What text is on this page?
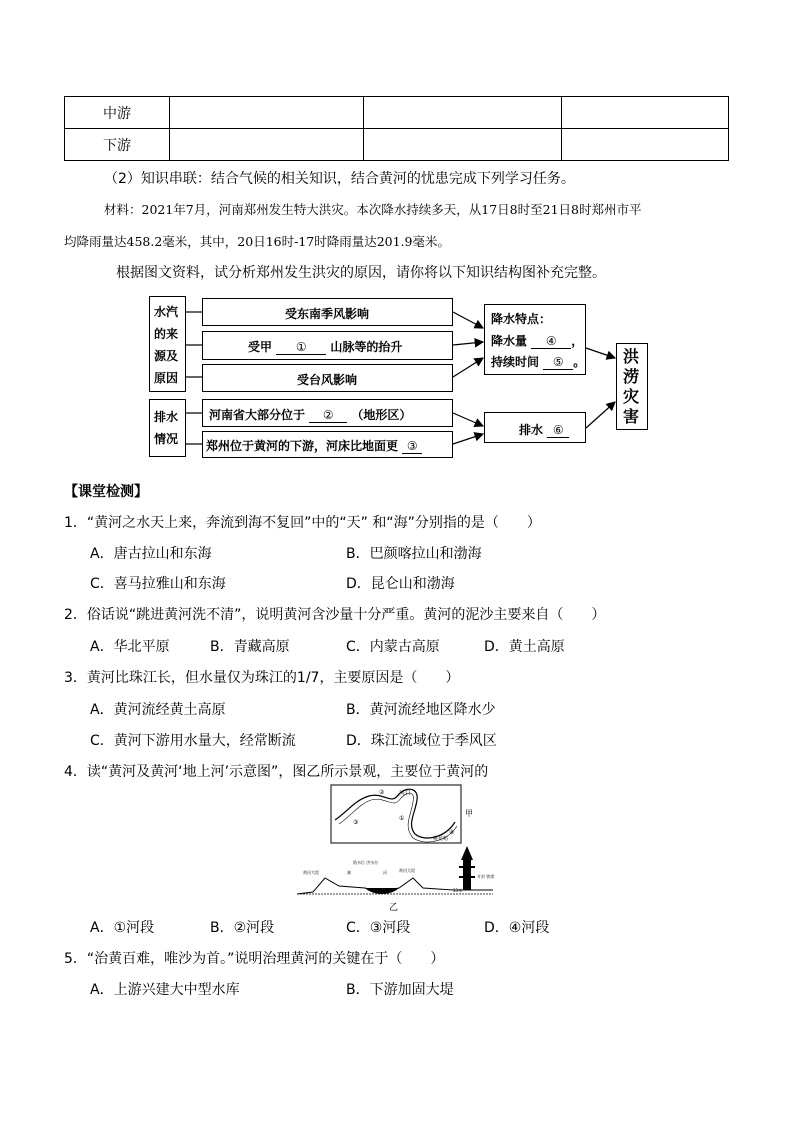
中游			
下游			
（2）知识串联：结合气候的相关知识，结合黄河的忧患完成下列学习任务。
材料：2021年7月，河南郑州发生特大洪灾。本次降水持续多天，从17日8时至21日8时郑州市平
均降雨量达458.2毫米，其中，20日16时-17时降雨量达201.9毫米。
根据图文资料，试分析郑州发生洪灾的原因，请你将以下知识结构图补充完整。
水汽
的来
源及
原因
排水
情况
受东南季风影响
受甲 ① 山脉等的抬升
受台风影响
河南省大部分位于 ② （地形区）
郑州位于黄河的下游，河床比地面更 ③
降水特点：
降水量 ④ ，
持续时间 ⑤ 。
排水 ⑥
洪
涝
灾
害
【课堂检测】
1．“黄河之水天上来，奔流到海不复回”中的“天” 和“海”分别指的是（　　）
A．唐古拉山和东海	B．巴颜喀拉山和渤海
C．喜马拉雅山和东海	D．昆仑山和渤海
2．俗话说“跳进黄河洗不清”，说明黄河含沙量十分严重。黄河的泥沙主要来自（　　）
A．华北平原	B．青藏高原	C．内蒙古高原	D．黄土高原
3．黄河比珠江长，但水量仅为珠江的1/7，主要原因是（　　）
A．黄河流经黄土高原	B．黄河流经地区降水少
C．黄河下游用水量大，经常断流	D．珠江流域位于季风区
4．读“黄河及黄河‘地上河’示意图”，图乙所示景观，主要位于黄河的
② 河口
③
①
④
桃花峪
甲
黄河大堤
防水位 洪水位
滩	河	黄河大堤
开封 铁塔
13米
乙
A．①河段	B．②河段	C．③河段	D．④河段
5．“治黄百难，唯沙为首。”说明治理黄河的关键在于（　　）
A．上游兴建大中型水库	B．下游加固大堤
